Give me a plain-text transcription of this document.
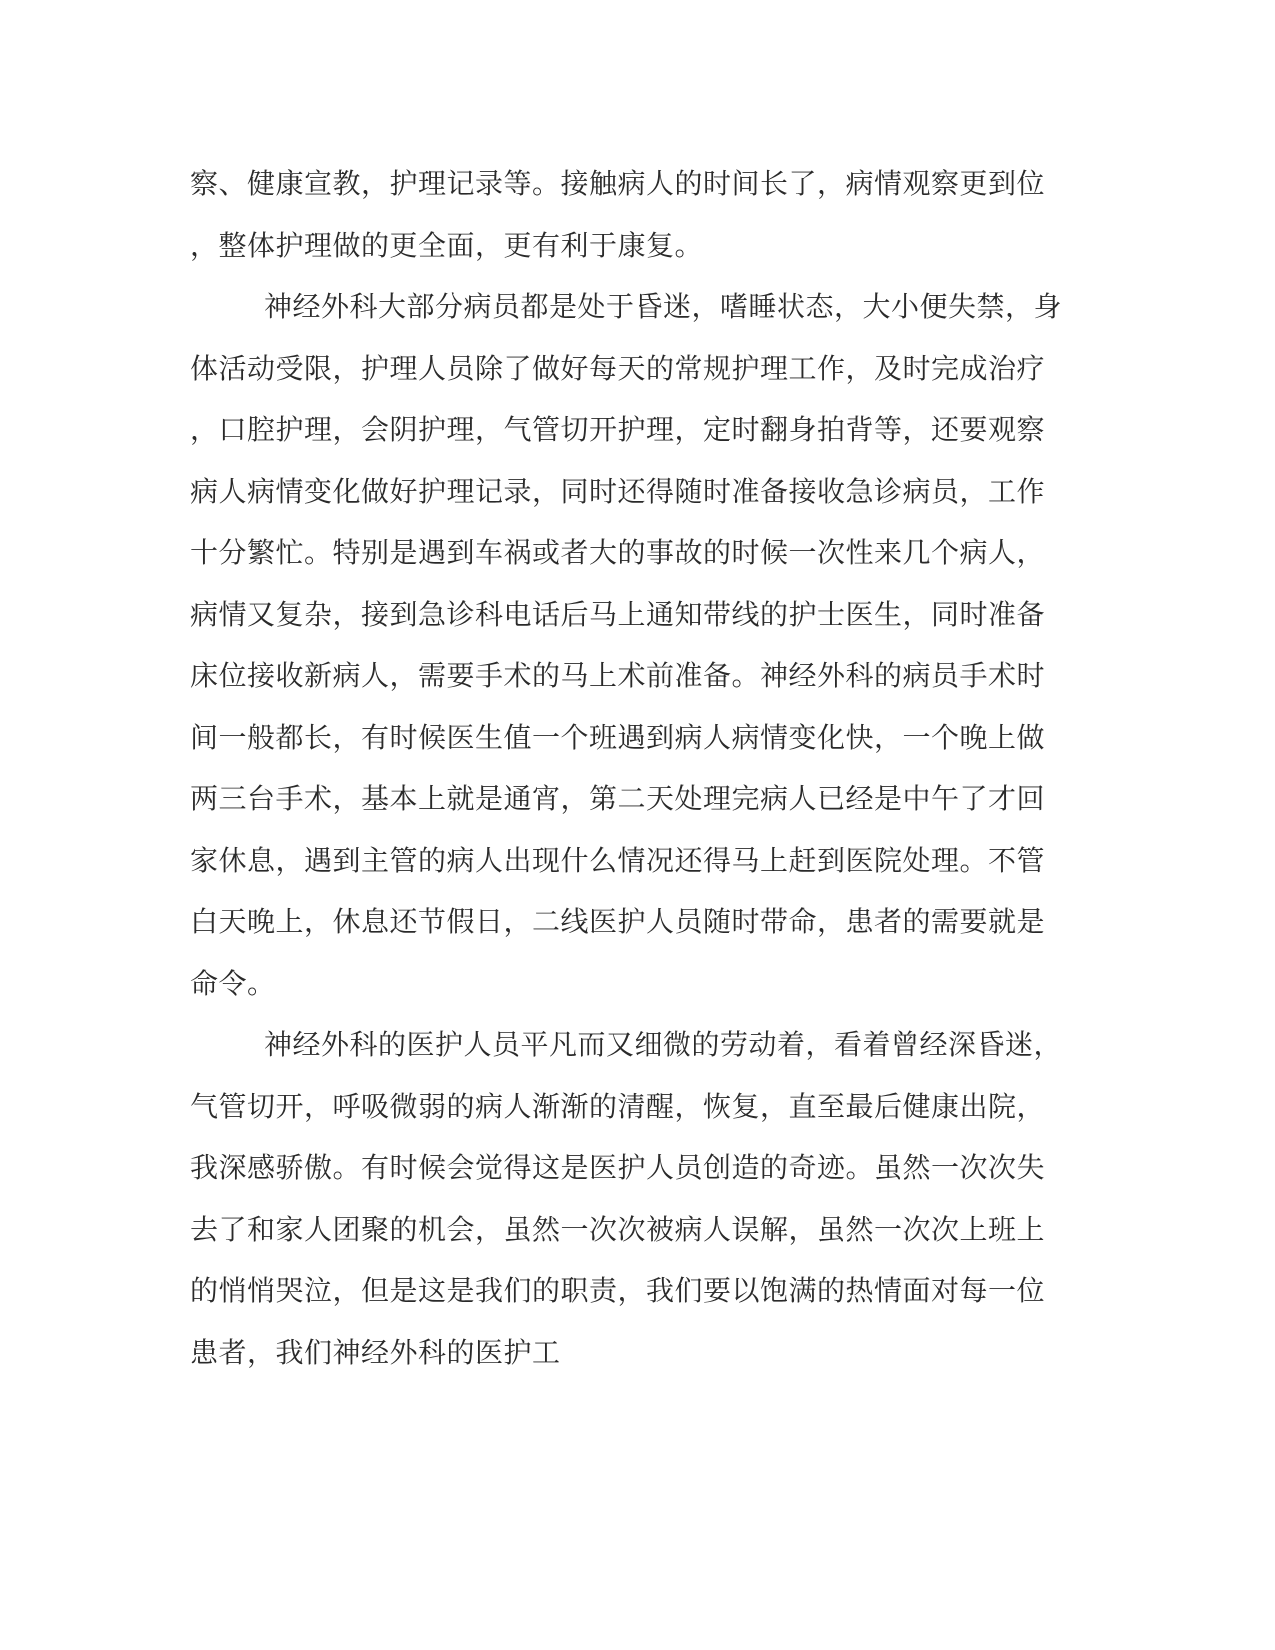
察、健康宣教，护理记录等。接触病人的时间长了，病情观察更到位
，整体护理做的更全面，更有利于康复。
神经外科大部分病员都是处于昏迷，嗜睡状态，大小便失禁，身
体活动受限，护理人员除了做好每天的常规护理工作，及时完成治疗
，口腔护理，会阴护理，气管切开护理，定时翻身拍背等，还要观察
病人病情变化做好护理记录，同时还得随时准备接收急诊病员，工作
十分繁忙。特别是遇到车祸或者大的事故的时候一次性来几个病人，
病情又复杂，接到急诊科电话后马上通知带线的护士医生，同时准备
床位接收新病人，需要手术的马上术前准备。神经外科的病员手术时
间一般都长，有时候医生值一个班遇到病人病情变化快，一个晚上做
两三台手术，基本上就是通宵，第二天处理完病人已经是中午了才回
家休息，遇到主管的病人出现什么情况还得马上赶到医院处理。不管
白天晚上，休息还节假日，二线医护人员随时带命，患者的需要就是
命令。
神经外科的医护人员平凡而又细微的劳动着，看着曾经深昏迷，
气管切开，呼吸微弱的病人渐渐的清醒，恢复，直至最后健康出院，
我深感骄傲。有时候会觉得这是医护人员创造的奇迹。虽然一次次失
去了和家人团聚的机会，虽然一次次被病人误解，虽然一次次上班上
的悄悄哭泣，但是这是我们的职责，我们要以饱满的热情面对每一位
患者，我们神经外科的医护工
